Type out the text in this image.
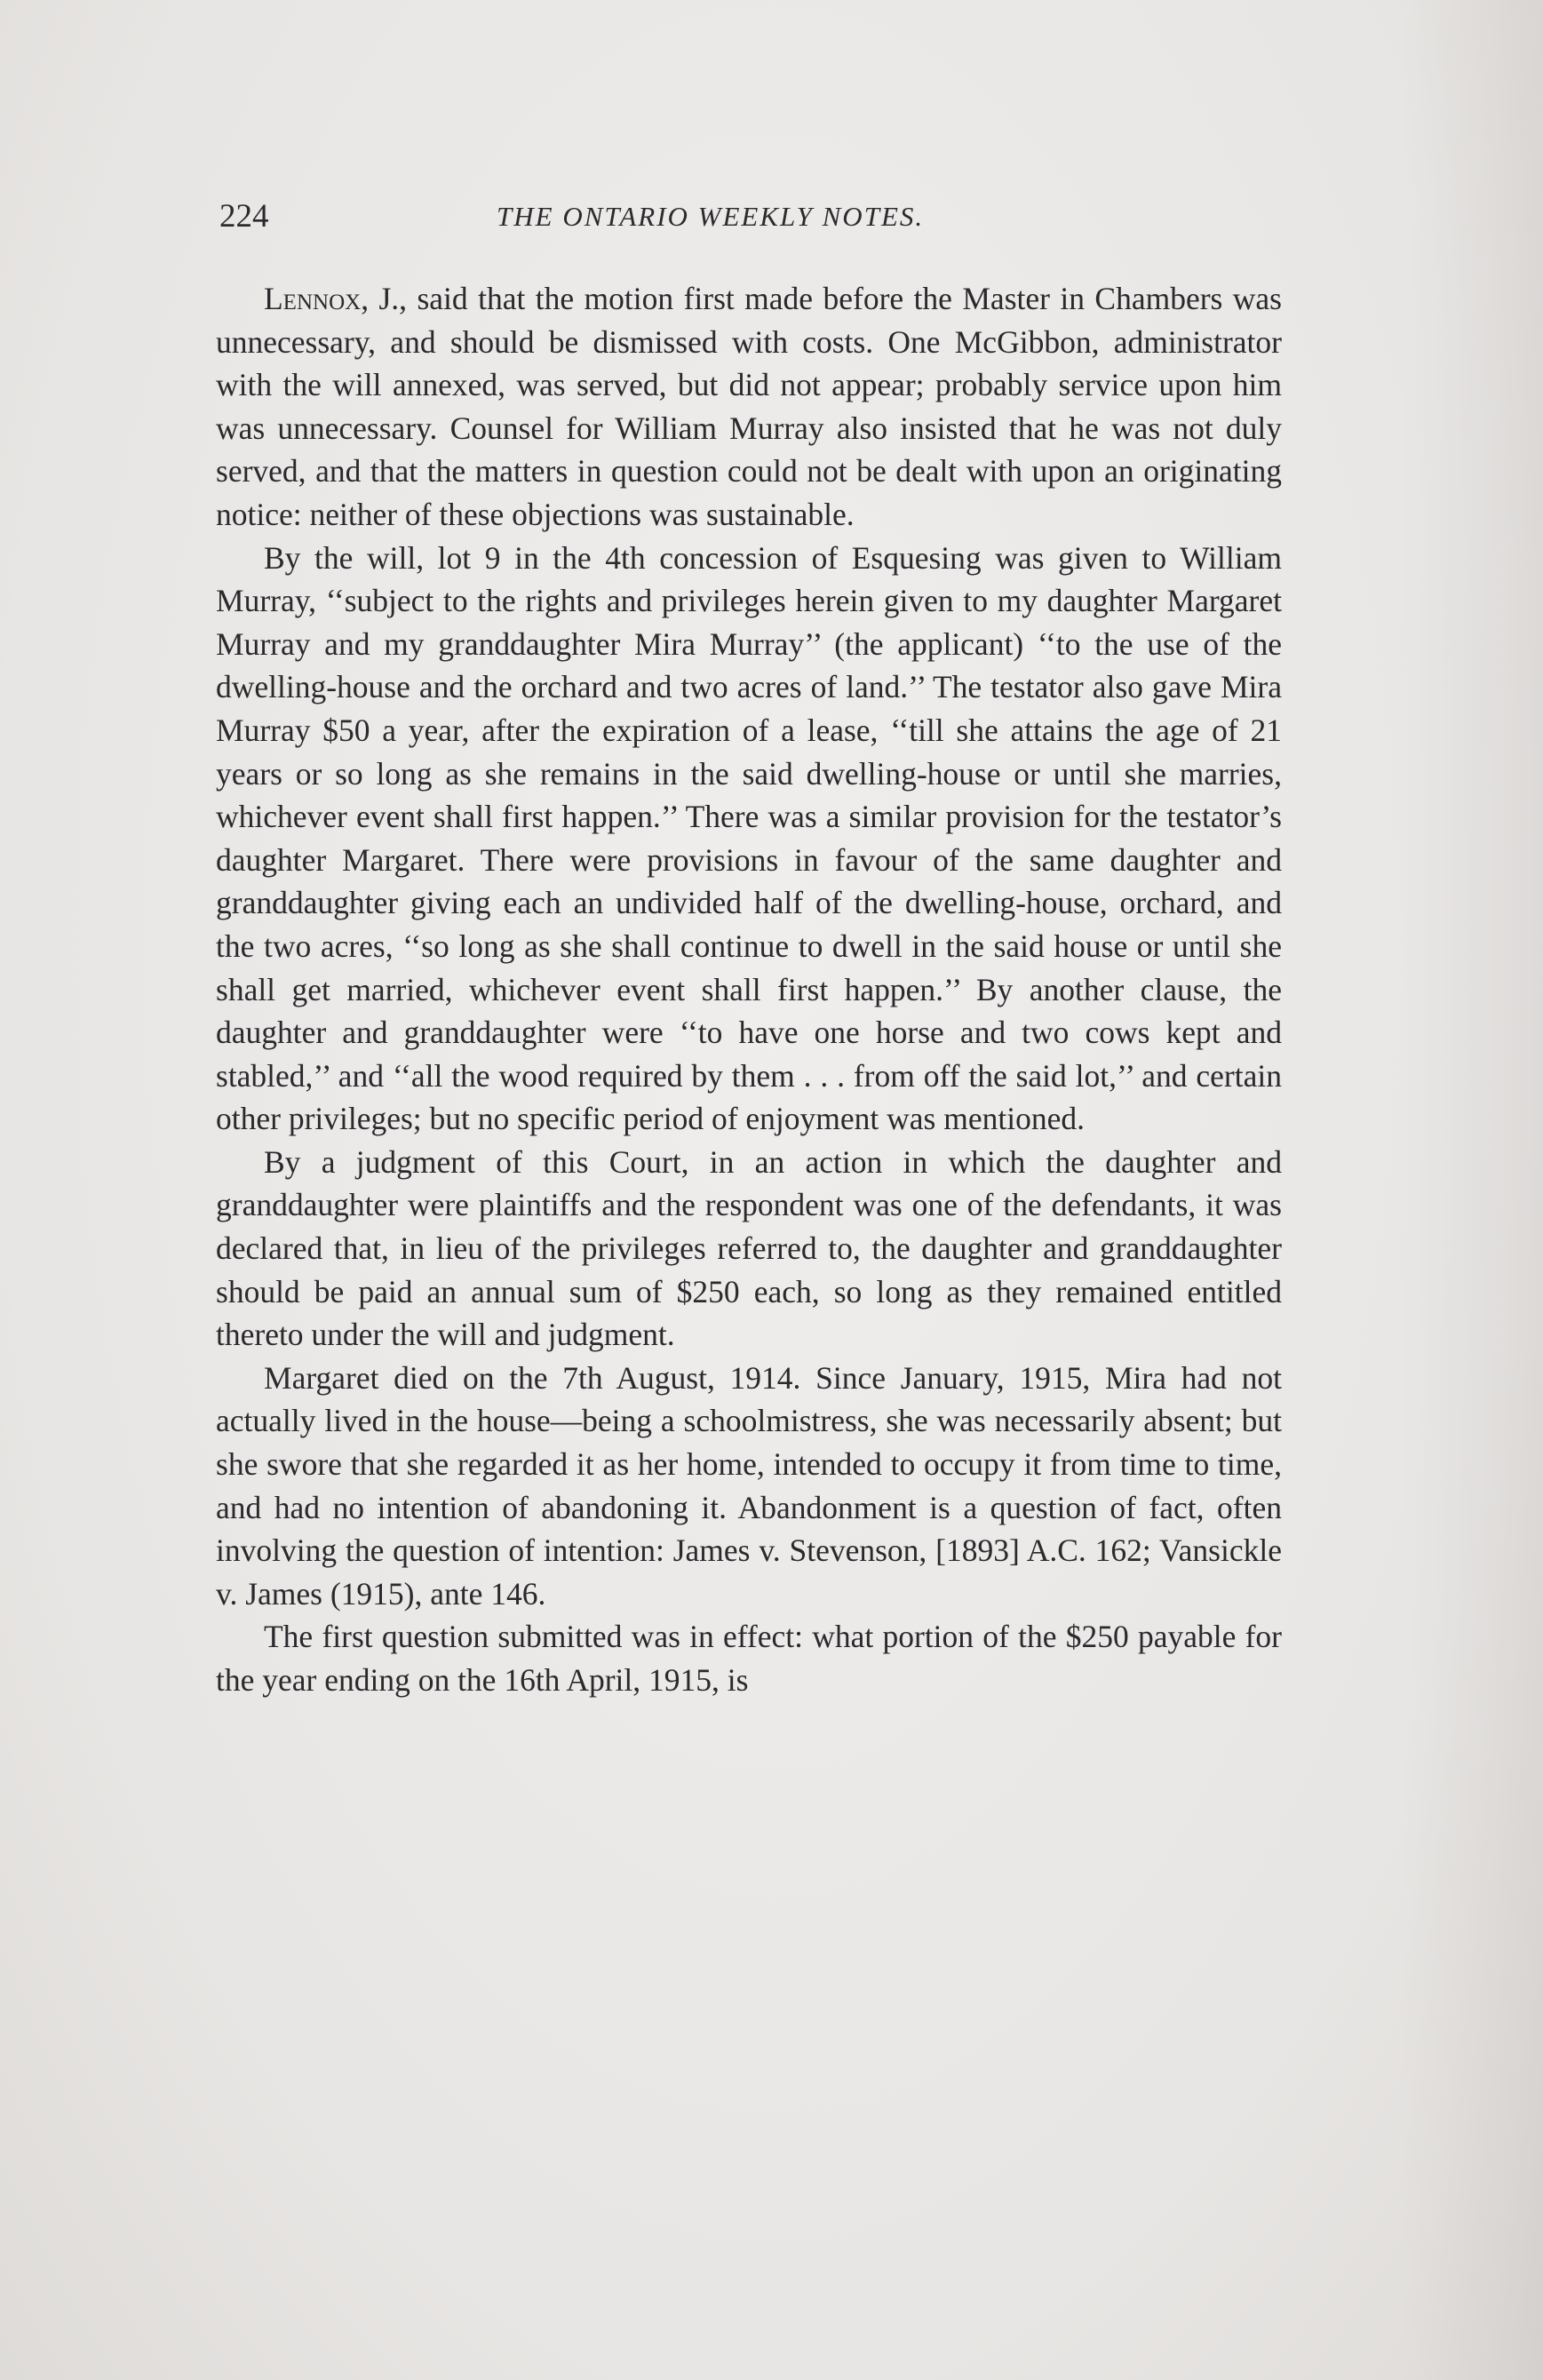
224	THE ONTARIO WEEKLY NOTES.

Lennox, J., said that the motion first made before the Master in Chambers was unnecessary, and should be dismissed with costs. One McGibbon, administrator with the will annexed, was served, but did not appear; probably service upon him was unnecessary. Counsel for William Murray also insisted that he was not duly served, and that the matters in question could not be dealt with upon an originating notice: neither of these objections was sustainable.

By the will, lot 9 in the 4th concession of Esquesing was given to William Murray, ‘‘subject to the rights and privileges herein given to my daughter Margaret Murray and my granddaughter Mira Murray’’ (the applicant) ‘‘to the use of the dwelling-house and the orchard and two acres of land.’’ The testator also gave Mira Murray $50 a year, after the expiration of a lease, ‘‘till she attains the age of 21 years or so long as she remains in the said dwelling-house or until she marries, whichever event shall first happen.’’ There was a similar provision for the testator’s daughter Margaret. There were provisions in favour of the same daughter and granddaughter giving each an undivided half of the dwelling-house, orchard, and the two acres, ‘‘so long as she shall continue to dwell in the said house or until she shall get married, whichever event shall first happen.’’ By another clause, the daughter and granddaughter were ‘‘to have one horse and two cows kept and stabled,’’ and ‘‘all the wood required by them . . . from off the said lot,’’ and certain other privileges; but no specific period of enjoyment was mentioned.

By a judgment of this Court, in an action in which the daughter and granddaughter were plaintiffs and the respondent was one of the defendants, it was declared that, in lieu of the privileges referred to, the daughter and granddaughter should be paid an annual sum of $250 each, so long as they remained entitled thereto under the will and judgment.

Margaret died on the 7th August, 1914. Since January, 1915, Mira had not actually lived in the house—being a schoolmistress, she was necessarily absent; but she swore that she regarded it as her home, intended to occupy it from time to time, and had no intention of abandoning it. Abandonment is a question of fact, often involving the question of intention: James v. Stevenson, [1893] A.C. 162; Vansickle v. James (1915), ante 146.

The first question submitted was in effect: what portion of the $250 payable for the year ending on the 16th April, 1915, is
